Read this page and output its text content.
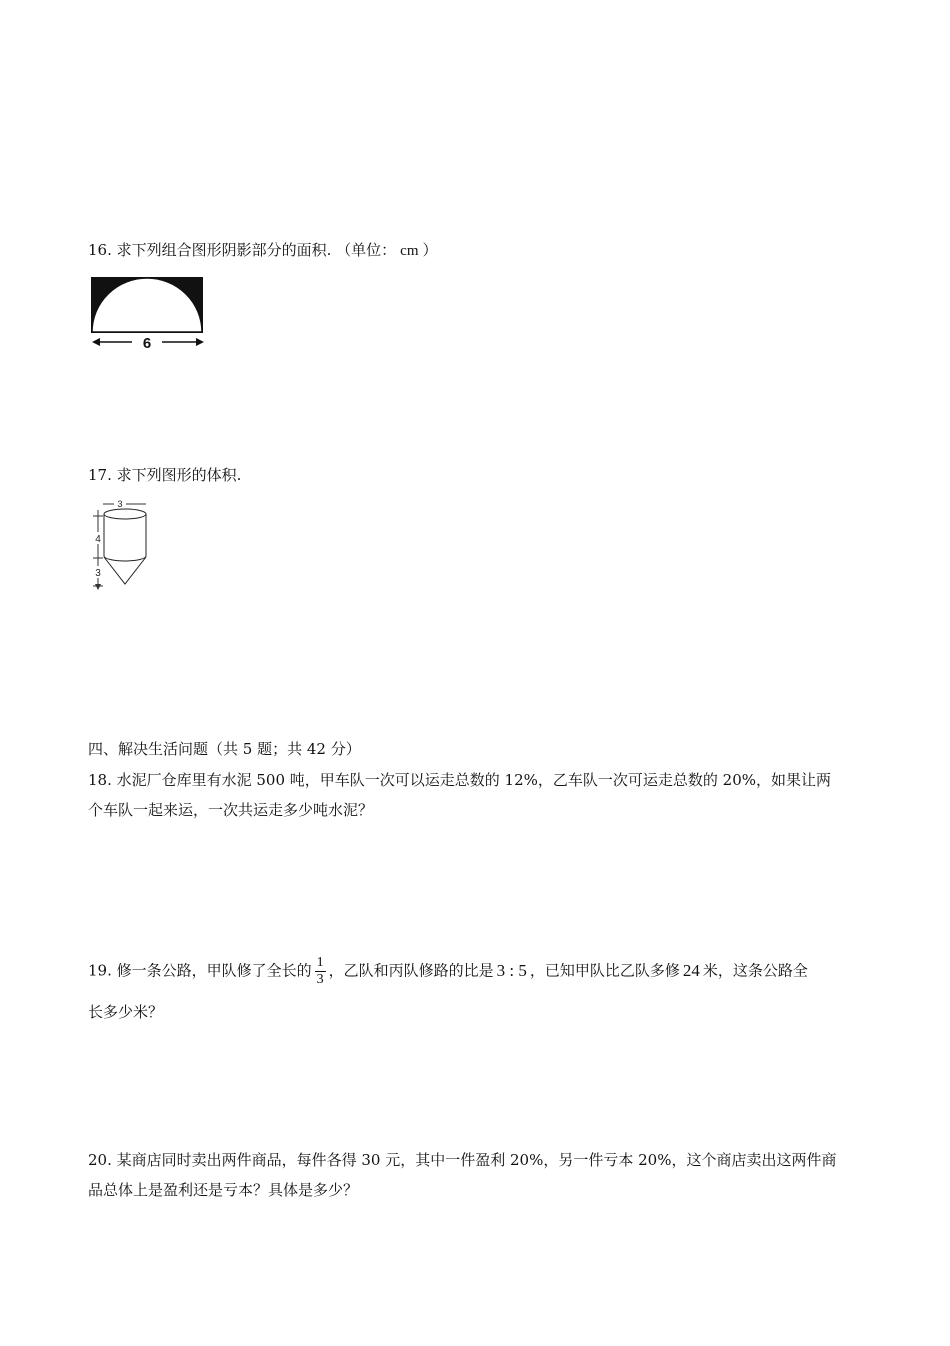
16. 求下列组合图形阴影部分的面积. （单位： cm ）
6
17. 求下列图形的体积.
3
4
3
四、解决生活问题（共 5 题；共 42 分）
18. 水泥厂仓库里有水泥 500 吨，甲车队一次可以运走总数的 12%，乙车队一次可运走总数的 20%，如果让两
个车队一起来运，一次共运走多少吨水泥？
19. 修一条公路，甲队修了全长的 $\frac{1}{3}$ ，乙队和丙队修路的比是 3 : 5 ，已知甲队比乙队多修 24 米，这条公路全
长多少米？
20. 某商店同时卖出两件商品，每件各得 30 元，其中一件盈利 20%，另一件亏本 20%，这个商店卖出这两件商
品总体上是盈利还是亏本？具体是多少？
